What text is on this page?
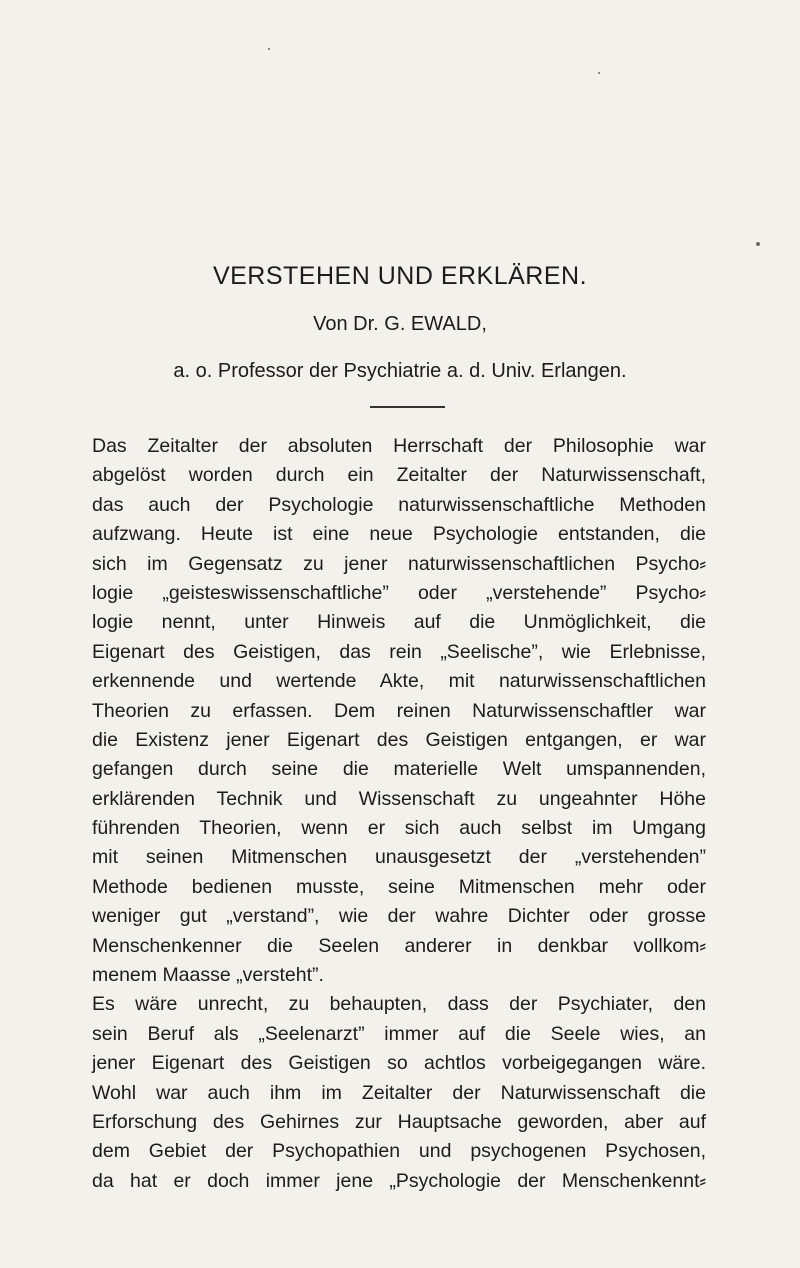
VERSTEHEN UND ERKLÄREN.

Von Dr. G. EWALD,

a. o. Professor der Psychiatrie a. d. Univ. Erlangen.

Das Zeitalter der absoluten Herrschaft der Philosophie war
abgelöst worden durch ein Zeitalter der Naturwissenschaft,
das auch der Psychologie naturwissenschaftliche Methoden
aufzwang. Heute ist eine neue Psychologie entstanden, die
sich im Gegensatz zu jener naturwissenschaftlichen Psycho⸗
logie „geisteswissenschaftliche” oder „verstehende” Psycho⸗
logie nennt, unter Hinweis auf die Unmöglichkeit, die
Eigenart des Geistigen, das rein „Seelische”, wie Erlebnisse,
erkennende und wertende Akte, mit naturwissenschaftlichen
Theorien zu erfassen. Dem reinen Naturwissenschaftler war
die Existenz jener Eigenart des Geistigen entgangen, er war
gefangen durch seine die materielle Welt umspannenden,
erklärenden Technik und Wissenschaft zu ungeahnter Höhe
führenden Theorien, wenn er sich auch selbst im Umgang
mit seinen Mitmenschen unausgesetzt der „verstehenden”
Methode bedienen musste, seine Mitmenschen mehr oder
weniger gut „verstand”, wie der wahre Dichter oder grosse
Menschenkenner die Seelen anderer in denkbar vollkom⸗
menem Maasse „versteht”.
Es wäre unrecht, zu behaupten, dass der Psychiater, den
sein Beruf als „Seelenarzt” immer auf die Seele wies, an
jener Eigenart des Geistigen so achtlos vorbeigegangen wäre.
Wohl war auch ihm im Zeitalter der Naturwissenschaft die
Erforschung des Gehirnes zur Hauptsache geworden, aber auf
dem Gebiet der Psychopathien und psychogenen Psychosen,
da hat er doch immer jene „Psychologie der Menschenkennt⸗
